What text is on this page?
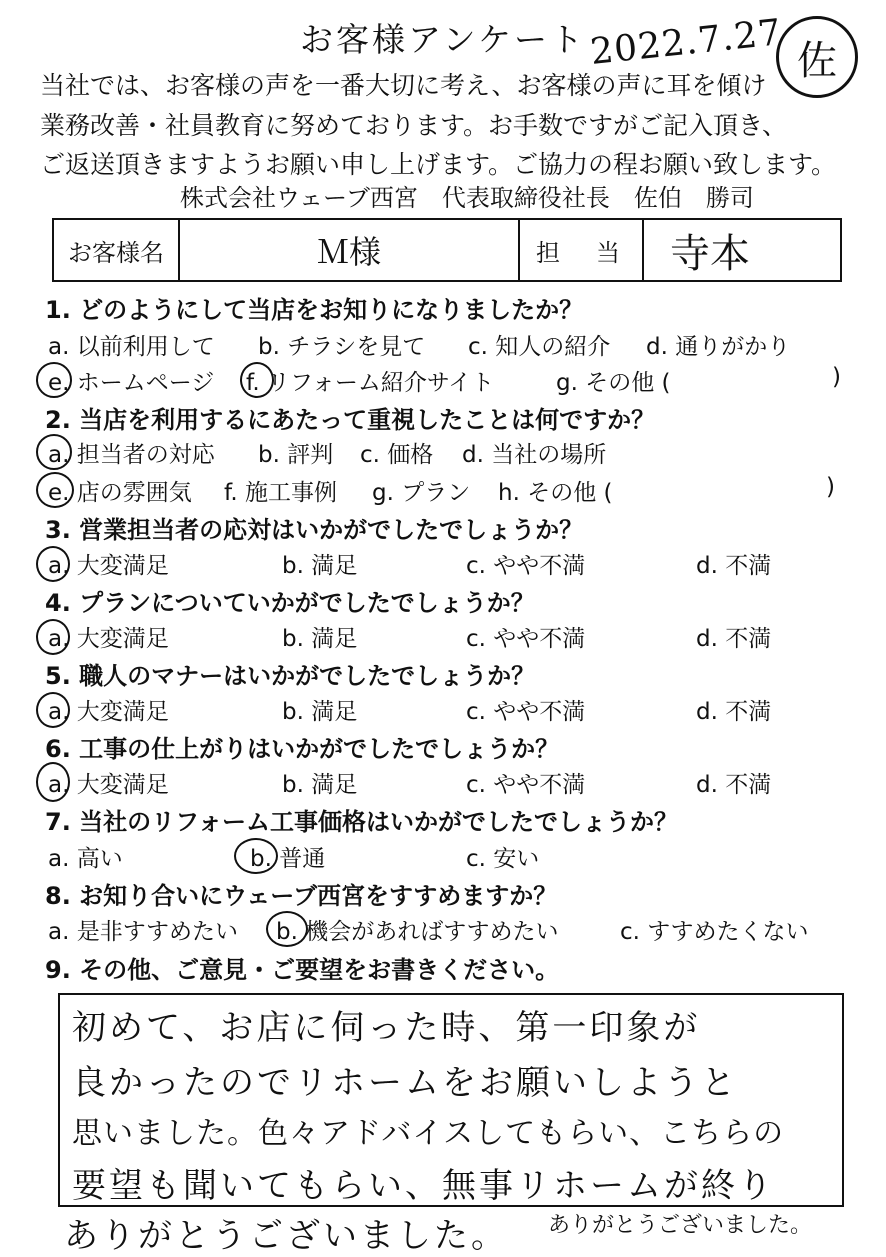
お客様アンケート 2022.7.27 佐
当社では、お客様の声を一番大切に考え、お客様の声に耳を傾け
業務改善・社員教育に努めております。お手数ですがご記入頂き、
ご返送頂きますようお願い申し上げます。ご協力の程お願い致します。
株式会社ウェーブ西宮　代表取締役社長　佐伯　勝司
お客様名	Ｍ様	担　当	寺本
1. どのようにして当店をお知りになりましたか？
a. 以前利用して b. チラシを見て c. 知人の紹介 d. 通りがかり
e. ホームページ f. リフォーム紹介サイト	g. その他 (	)
2. 当店を利用するにあたって重視したことは何ですか？
a. 担当者の対応 b. 評判 c. 価格 d. 当社の場所
e. 店の雰囲気 f. 施工事例 g. プラン h. その他 (	)
3. 営業担当者の応対はいかがでしたでしょうか？
a. 大変満足	b. 満足	c. やや不満	d. 不満
4. プランについていかがでしたでしょうか？
a. 大変満足	b. 満足	c. やや不満	d. 不満
5. 職人のマナーはいかがでしたでしょうか？
a. 大変満足	b. 満足	c. やや不満	d. 不満
6. 工事の仕上がりはいかがでしたでしょうか？
a. 大変満足	b. 満足	c. やや不満	d. 不満
7. 当社のリフォーム工事価格はいかがでしたでしょうか？
a. 高い	b. 普通	c. 安い
8. お知り合いにウェーブ西宮をすすめますか？
a. 是非すすめたい b. 機会があればすすめたい	c. すすめたくない
9. その他、ご意見・ご要望をお書きください。
初めて、お店に伺った時、第一印象が
良かったのでリホームをお願いしようと
思いました。色々アドバイスしてもらい、こちらの
要望も聞いてもらい、無事リホームが終り
ありがとうございました。 ありがとうございました。
